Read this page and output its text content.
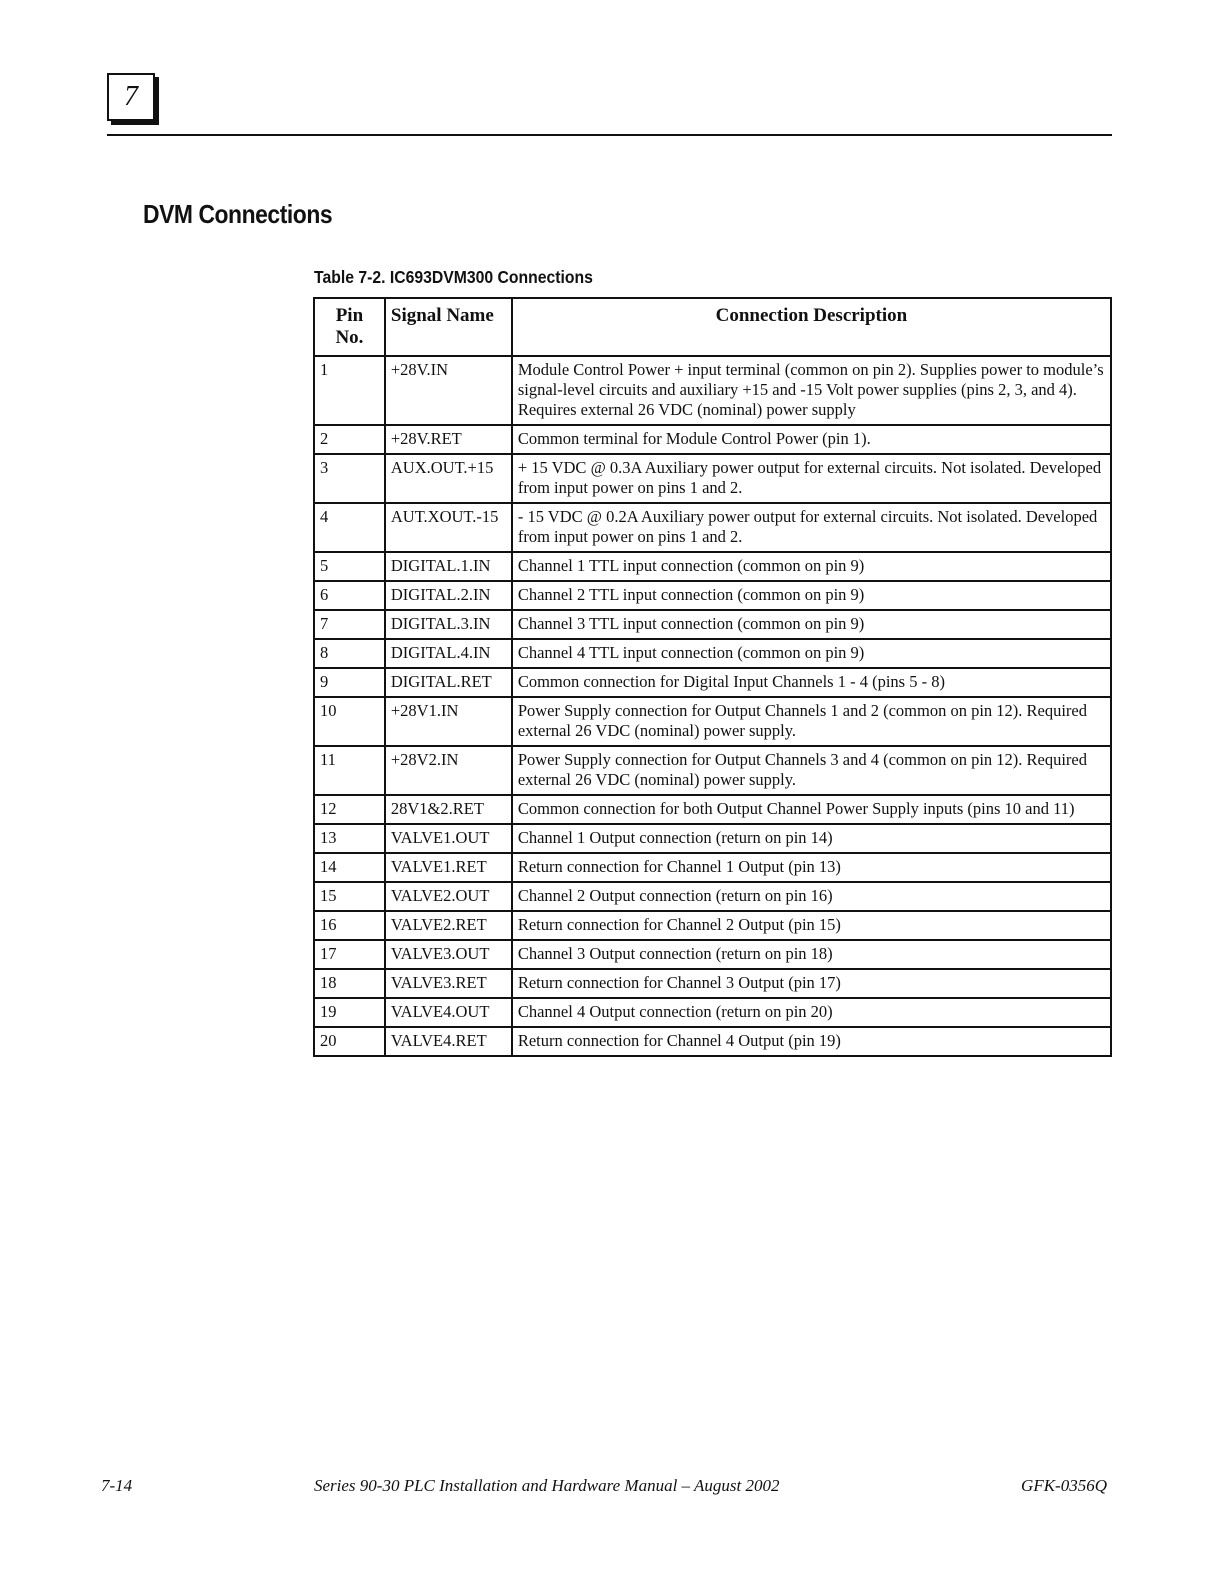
7
DVM Connections

Table 7-2. IC693DVM300 Connections

Pin No.	Signal Name	Connection Description
1	+28V.IN	Module Control Power + input terminal (common on pin 2). Supplies power to module’s signal-level circuits and auxiliary +15 and -15 Volt power supplies (pins 2, 3, and 4). Requires external 26 VDC (nominal) power supply
2	+28V.RET	Common terminal for Module Control Power (pin 1).
3	AUX.OUT.+15	+ 15 VDC @ 0.3A Auxiliary power output for external circuits. Not isolated. Developed from input power on pins 1 and 2.
4	AUT.XOUT.-15	- 15 VDC @ 0.2A Auxiliary power output for external circuits. Not isolated. Developed from input power on pins 1 and 2.
5	DIGITAL.1.IN	Channel 1 TTL input connection (common on pin 9)
6	DIGITAL.2.IN	Channel 2 TTL input connection (common on pin 9)
7	DIGITAL.3.IN	Channel 3 TTL input connection (common on pin 9)
8	DIGITAL.4.IN	Channel 4 TTL input connection (common on pin 9)
9	DIGITAL.RET	Common connection for Digital Input Channels 1 - 4 (pins 5 - 8)
10	+28V1.IN	Power Supply connection for Output Channels 1 and 2 (common on pin 12). Required external 26 VDC (nominal) power supply.
11	+28V2.IN	Power Supply connection for Output Channels 3 and 4 (common on pin 12). Required external 26 VDC (nominal) power supply.
12	28V1&2.RET	Common connection for both Output Channel Power Supply inputs (pins 10 and 11)
13	VALVE1.OUT	Channel 1 Output connection (return on pin 14)
14	VALVE1.RET	Return connection for Channel 1 Output (pin 13)
15	VALVE2.OUT	Channel 2 Output connection (return on pin 16)
16	VALVE2.RET	Return connection for Channel 2 Output (pin 15)
17	VALVE3.OUT	Channel 3 Output connection (return on pin 18)
18	VALVE3.RET	Return connection for Channel 3 Output (pin 17)
19	VALVE4.OUT	Channel 4 Output connection (return on pin 20)
20	VALVE4.RET	Return connection for Channel 4 Output (pin 19)
7-14	Series 90-30 PLC Installation and Hardware Manual – August 2002	GFK-0356Q
